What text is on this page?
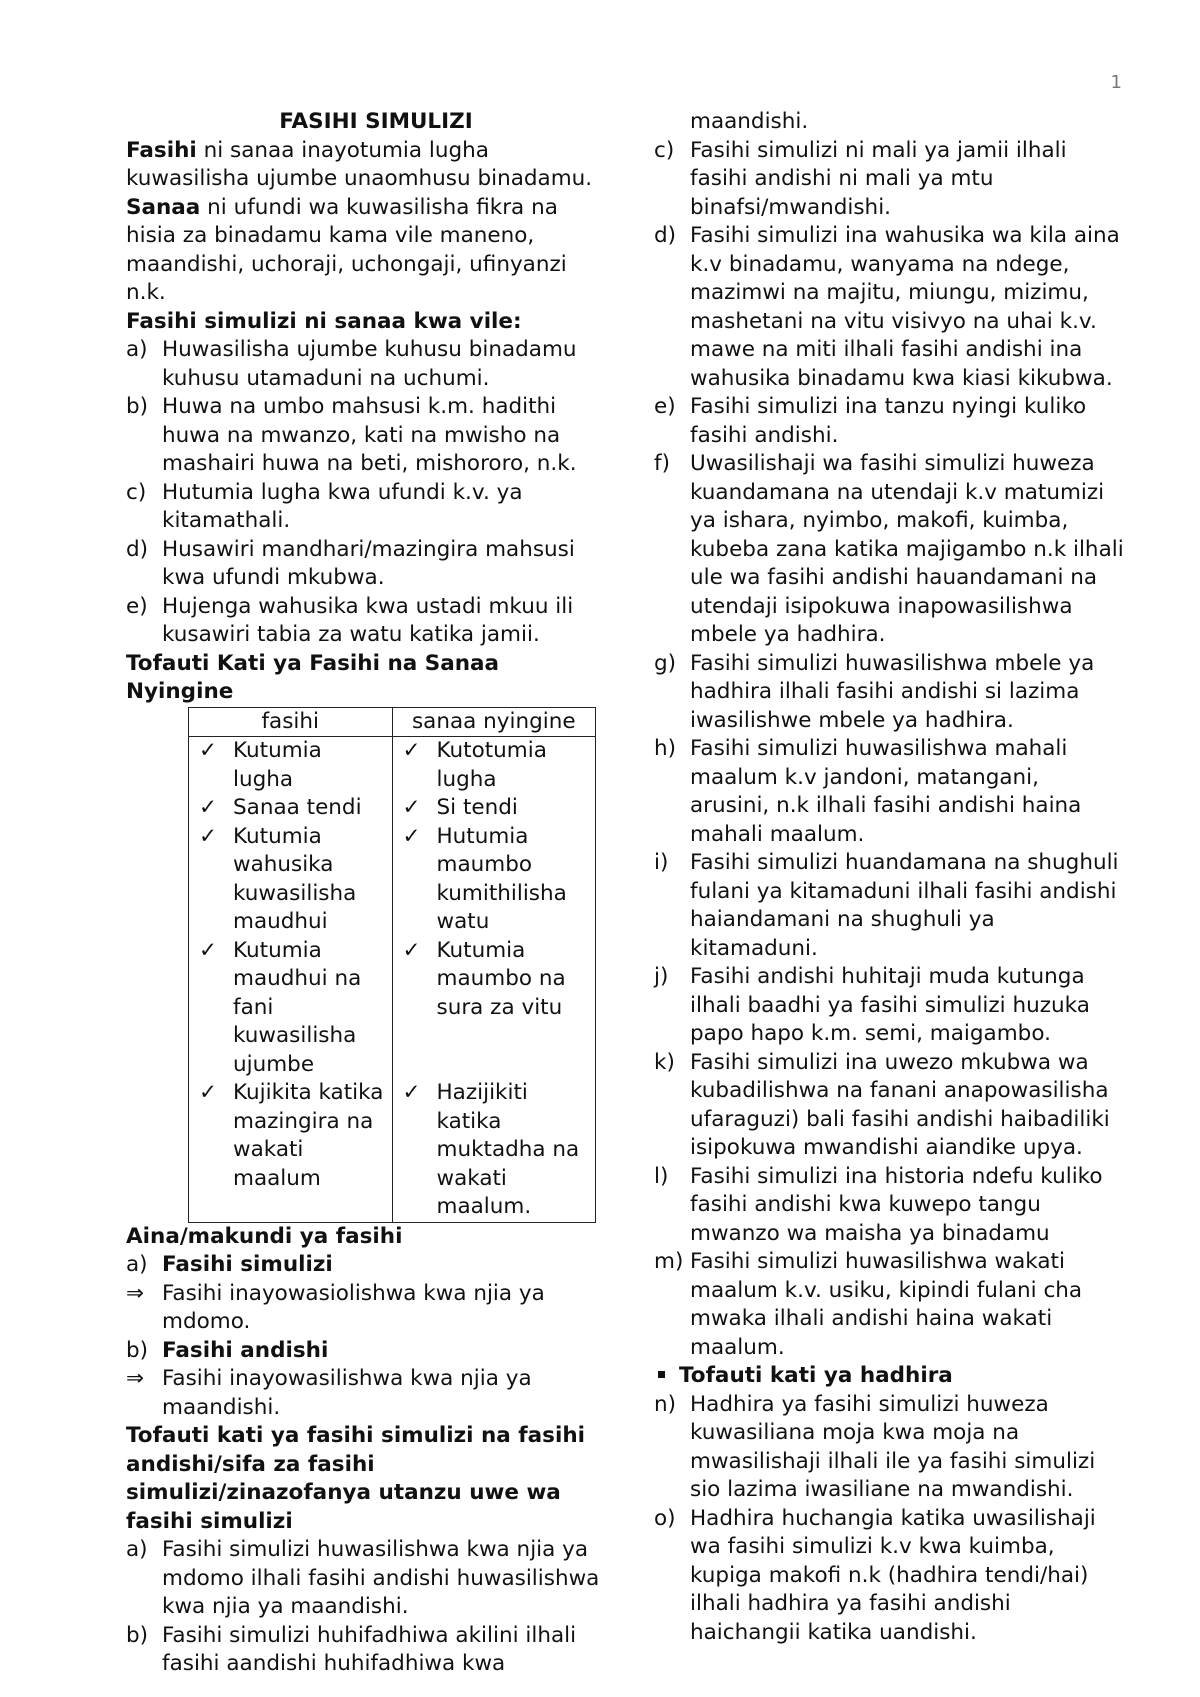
1

FASIHI SIMULIZI

Fasihi ni sanaa inayotumia lugha kuwasilisha ujumbe unaomhusu binadamu.

Sanaa ni ufundi wa kuwasilisha fikra na hisia za binadamu kama vile maneno, maandishi, uchoraji, uchongaji, ufinyanzi n.k.

Fasihi simulizi ni sanaa kwa vile:

a) Huwasilisha ujumbe kuhusu binadamu kuhusu utamaduni na uchumi.
b) Huwa na umbo mahsusi k.m. hadithi huwa na mwanzo, kati na mwisho na mashairi huwa na beti, mishororo, n.k.
c) Hutumia lugha kwa ufundi k.v. ya kitamathali.
d) Husawiri mandhari/mazingira mahsusi kwa ufundi mkubwa.
e) Hujenga wahusika kwa ustadi mkuu ili kusawiri tabia za watu katika jamii.

Tofauti Kati ya Fasihi na Sanaa Nyingine

fasihi	sanaa nyingine

✓ Kutumia lugha	✓ Kutotumia lugha

✓ Sanaa tendi	✓ Si tendi

✓ Kutumia wahusika kuwasilisha maudhui	✓ Hutumia maumbo kumithilisha watu

✓ Kutumia maudhui na fani kuwasilisha ujumbe	✓ Kutumia maumbo na sura za vitu

✓ Kujikita katika mazingira na wakati maalum	✓ Hazijikiti katika muktadha na wakati maalum.

Aina/makundi ya fasihi

a) Fasihi simulizi
⇒ Fasihi inayowasiolishwa kwa njia ya mdomo.
b) Fasihi andishi
⇒ Fasihi inayowasilishwa kwa njia ya maandishi.

Tofauti kati ya fasihi simulizi na fasihi andishi/sifa za fasihi simulizi/zinazofanya utanzu uwe wa fasihi simulizi

a) Fasihi simulizi huwasilishwa kwa njia ya mdomo ilhali fasihi andishi huwasilishwa kwa njia ya maandishi.
b) Fasihi simulizi huhifadhiwa akilini ilhali fasihi aandishi huhifadhiwa kwa
maandishi.
c) Fasihi simulizi ni mali ya jamii ilhali fasihi andishi ni mali ya mtu binafsi/mwandishi.
d) Fasihi simulizi ina wahusika wa kila aina k.v binadamu, wanyama na ndege, mazimwi na majitu, miungu, mizimu, mashetani na vitu visivyo na uhai k.v. mawe na miti ilhali fasihi andishi ina wahusika binadamu kwa kiasi kikubwa.
e) Fasihi simulizi ina tanzu nyingi kuliko fasihi andishi.
f) Uwasilishaji wa fasihi simulizi huweza kuandamana na utendaji k.v matumizi ya ishara, nyimbo, makofi, kuimba, kubeba zana katika majigambo n.k ilhali ule wa fasihi andishi hauandamani na utendaji isipokuwa inapowasilishwa mbele ya hadhira.
g) Fasihi simulizi huwasilishwa mbele ya hadhira ilhali fasihi andishi si lazima iwasilishwe mbele ya hadhira.
h) Fasihi simulizi huwasilishwa mahali maalum k.v jandoni, matangani, arusini, n.k ilhali fasihi andishi haina mahali maalum.
i)	Fasihi simulizi huandamana na shughuli fulani ya kitamaduni ilhali fasihi andishi haiandamani na shughuli ya kitamaduni.
j)	Fasihi andishi huhitaji muda kutunga ilhali baadhi ya fasihi simulizi huzuka papo hapo k.m. semi, maigambo.
k) Fasihi simulizi ina uwezo mkubwa wa kubadilishwa na fanani anapowasilisha ufaraguzi) bali fasihi andishi haibadiliki isipokuwa mwandishi aiandike upya.
l)	Fasihi simulizi ina historia ndefu kuliko fasihi andishi kwa kuwepo tangu mwanzo wa maisha ya binadamu
m) Fasihi simulizi huwasilishwa wakati maalum k.v. usiku, kipindi fulani cha mwaka ilhali andishi haina wakati maalum.

Tofauti kati ya hadhira

n) Hadhira ya fasihi simulizi huweza kuwasiliana moja kwa moja na mwasilishaji ilhali ile ya fasihi simulizi sio lazima iwasiliane na mwandishi.
o) Hadhira huchangia katika uwasilishaji wa fasihi simulizi k.v kwa kuimba, kupiga makofi n.k (hadhira tendi/hai) ilhali hadhira ya fasihi andishi haichangii katika uandishi.
